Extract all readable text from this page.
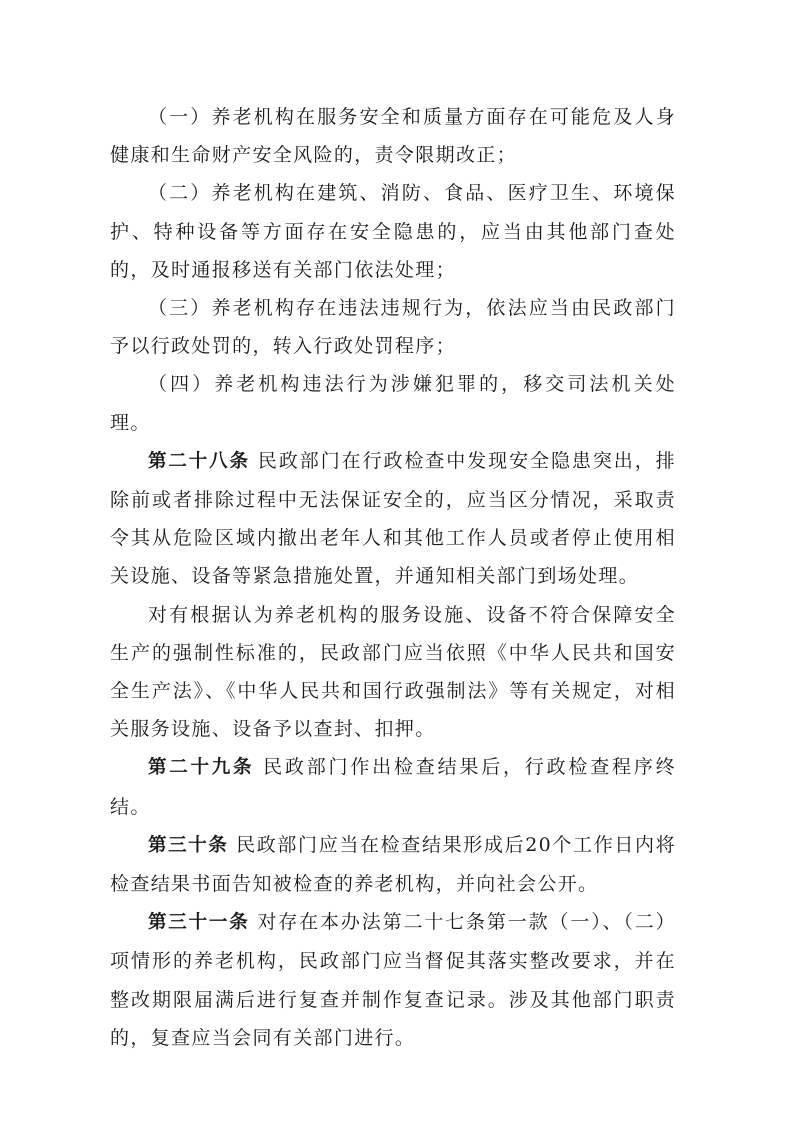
（一）养老机构在服务安全和质量方面存在可能危及人身健康和生命财产安全风险的，责令限期改正；

（二）养老机构在建筑、消防、食品、医疗卫生、环境保护、特种设备等方面存在安全隐患的，应当由其他部门查处的，及时通报移送有关部门依法处理；

（三）养老机构存在违法违规行为，依法应当由民政部门予以行政处罚的，转入行政处罚程序；

（四）养老机构违法行为涉嫌犯罪的，移交司法机关处理。

第二十八条 民政部门在行政检查中发现安全隐患突出，排除前或者排除过程中无法保证安全的，应当区分情况，采取责令其从危险区域内撤出老年人和其他工作人员或者停止使用相关设施、设备等紧急措施处置，并通知相关部门到场处理。

对有根据认为养老机构的服务设施、设备不符合保障安全生产的强制性标准的，民政部门应当依照《中华人民共和国安全生产法》、《中华人民共和国行政强制法》等有关规定，对相关服务设施、设备予以查封、扣押。

第二十九条 民政部门作出检查结果后，行政检查程序终结。

第三十条 民政部门应当在检查结果形成后20个工作日内将检查结果书面告知被检查的养老机构，并向社会公开。

第三十一条 对存在本办法第二十七条第一款（一）、（二）项情形的养老机构，民政部门应当督促其落实整改要求，并在整改期限届满后进行复查并制作复查记录。涉及其他部门职责的，复查应当会同有关部门进行。
